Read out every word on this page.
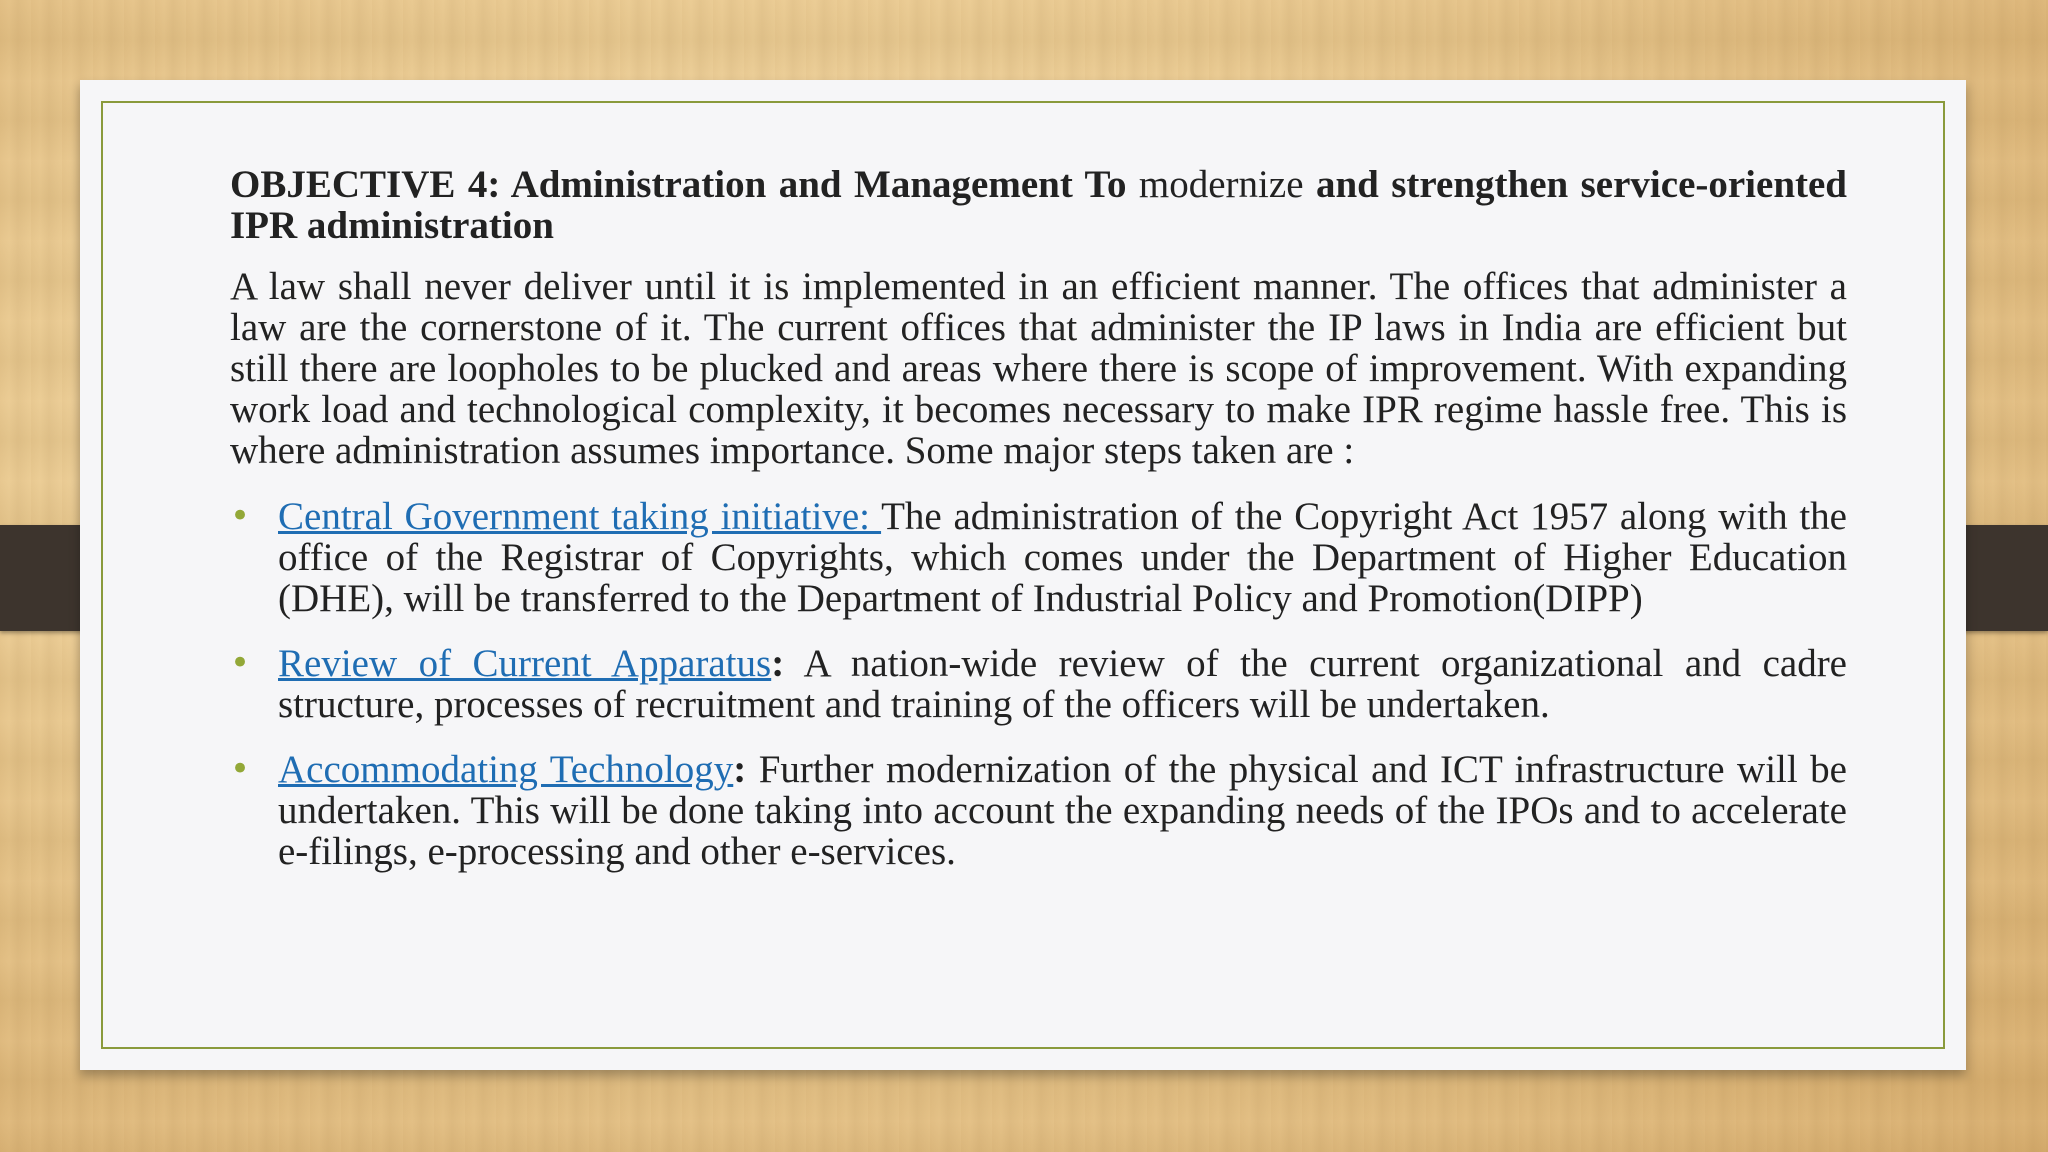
OBJECTIVE 4: Administration and Management To modernize and strengthen service-oriented IPR administration

A law shall never deliver until it is implemented in an efficient manner. The offices that administer a law are the cornerstone of it. The current offices that administer the IP laws in India are efficient but still there are loopholes to be plucked and areas where there is scope of improvement. With expanding work load and technological complexity, it becomes necessary to make IPR regime hassle free. This is where administration assumes importance. Some major steps taken are :

• Central Government taking initiative: The administration of the Copyright Act 1957 along with the office of the Registrar of Copyrights, which comes under the Department of Higher Education (DHE), will be transferred to the Department of Industrial Policy and Promotion(DIPP)
• Review of Current Apparatus: A nation-wide review of the current organizational and cadre structure, processes of recruitment and training of the officers will be undertaken.
• Accommodating Technology: Further modernization of the physical and ICT infrastructure will be undertaken. This will be done taking into account the expanding needs of the IPOs and to accelerate e-filings, e-processing and other e-services.
